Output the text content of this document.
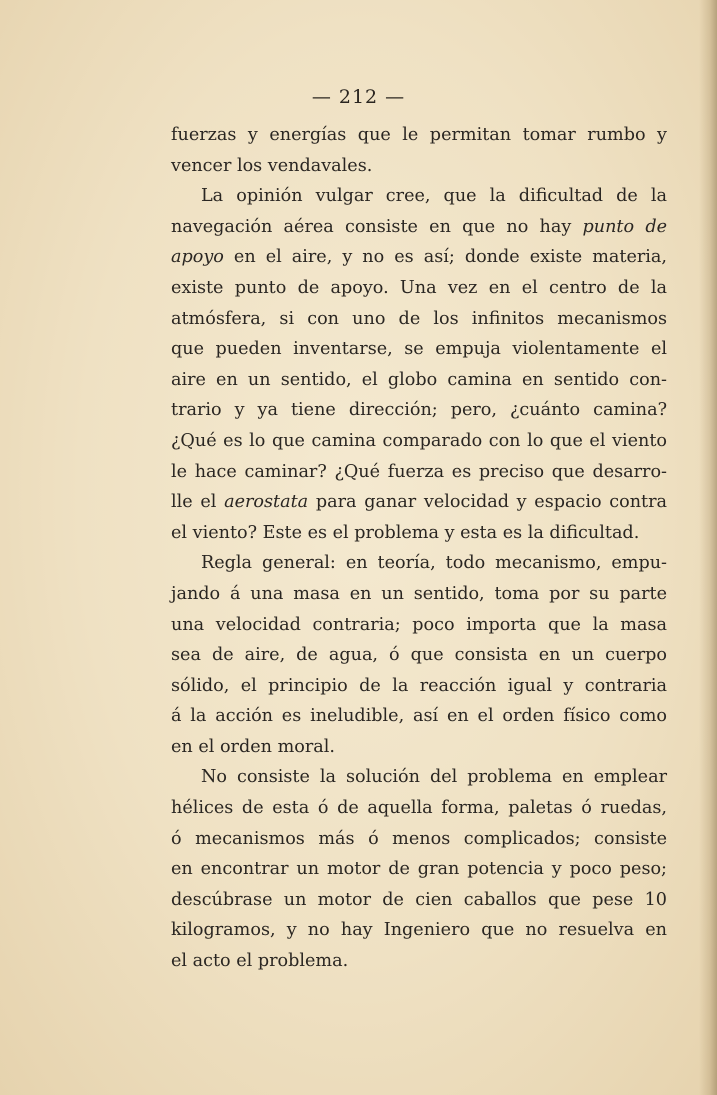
— 212 —
fuerzas y energías que le permitan tomar rumbo y
vencer los vendavales.
La opinión vulgar cree, que la dificultad de la
navegación aérea consiste en que no hay punto de
apoyo en el aire, y no es así; donde existe materia,
existe punto de apoyo. Una vez en el centro de la
atmósfera, si con uno de los infinitos mecanismos
que pueden inventarse, se empuja violentamente el
aire en un sentido, el globo camina en sentido con-
trario y ya tiene dirección; pero, ¿cuánto camina?
¿Qué es lo que camina comparado con lo que el viento
le hace caminar? ¿Qué fuerza es preciso que desarro-
lle el aerostata para ganar velocidad y espacio contra
el viento? Este es el problema y esta es la dificultad.
Regla general: en teoría, todo mecanismo, empu-
jando á una masa en un sentido, toma por su parte
una velocidad contraria; poco importa que la masa
sea de aire, de agua, ó que consista en un cuerpo
sólido, el principio de la reacción igual y contraria
á la acción es ineludible, así en el orden físico como
en el orden moral.
No consiste la solución del problema en emplear
hélices de esta ó de aquella forma, paletas ó ruedas,
ó mecanismos más ó menos complicados; consiste
en encontrar un motor de gran potencia y poco peso;
descúbrase un motor de cien caballos que pese 10
kilogramos, y no hay Ingeniero que no resuelva en
el acto el problema.
